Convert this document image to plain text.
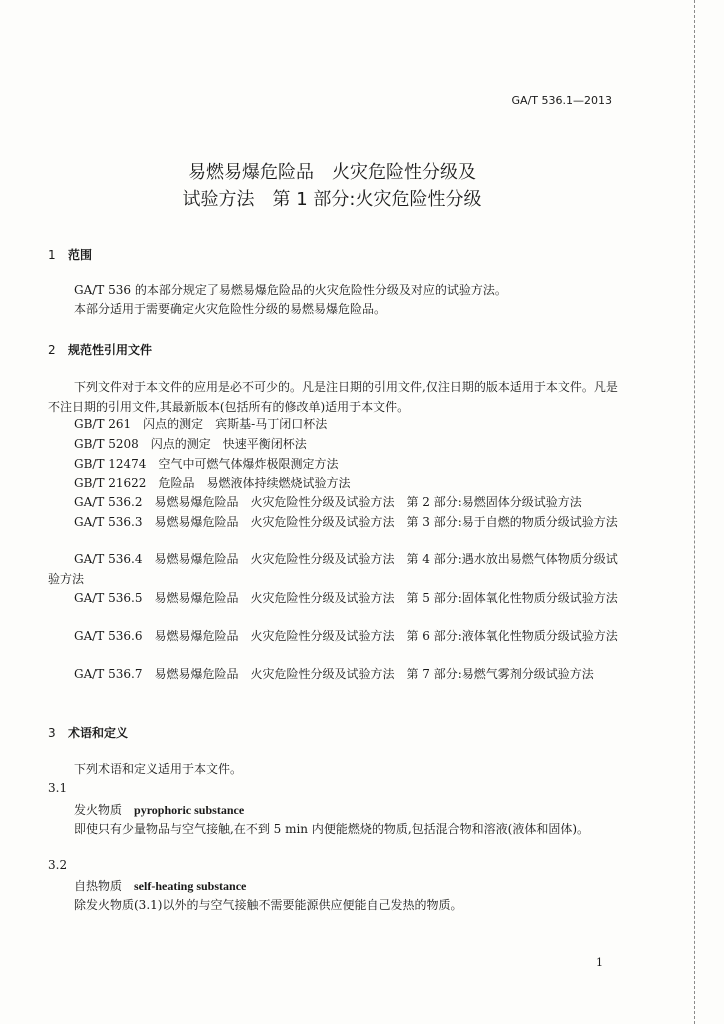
GA/T 536.1—2013
易燃易爆危险品　火灾危险性分级及
试验方法　第 1 部分:火灾危险性分级
1 范围
GA/T 536 的本部分规定了易燃易爆危险品的火灾危险性分级及对应的试验方法。
本部分适用于需要确定火灾危险性分级的易燃易爆危险品。
2 规范性引用文件
下列文件对于本文件的应用是必不可少的。凡是注日期的引用文件,仅注日期的版本适用于本文件。凡是不注日期的引用文件,其最新版本(包括所有的修改单)适用于本文件。
GB/T 261　闪点的测定　宾斯基-马丁闭口杯法
GB/T 5208　闪点的测定　快速平衡闭杯法
GB/T 12474　空气中可燃气体爆炸极限测定方法
GB/T 21622　危险品　易燃液体持续燃烧试验方法
GA/T 536.2　易燃易爆危险品　火灾危险性分级及试验方法　第 2 部分:易燃固体分级试验方法
GA/T 536.3　易燃易爆危险品　火灾危险性分级及试验方法　第 3 部分:易于自燃的物质分级试验方法
GA/T 536.4　易燃易爆危险品　火灾危险性分级及试验方法　第 4 部分:遇水放出易燃气体物质分级试验方法
GA/T 536.5　易燃易爆危险品　火灾危险性分级及试验方法　第 5 部分:固体氧化性物质分级试验方法
GA/T 536.6　易燃易爆危险品　火灾危险性分级及试验方法　第 6 部分:液体氧化性物质分级试验方法
GA/T 536.7　易燃易爆危险品　火灾危险性分级及试验方法　第 7 部分:易燃气雾剂分级试验方法
3 术语和定义
下列术语和定义适用于本文件。
3.1
发火物质 pyrophoric substance
即使只有少量物品与空气接触,在不到 5 min 内便能燃烧的物质,包括混合物和溶液(液体和固体)。
3.2
自热物质 self-heating substance
除发火物质(3.1)以外的与空气接触不需要能源供应便能自己发热的物质。
1
